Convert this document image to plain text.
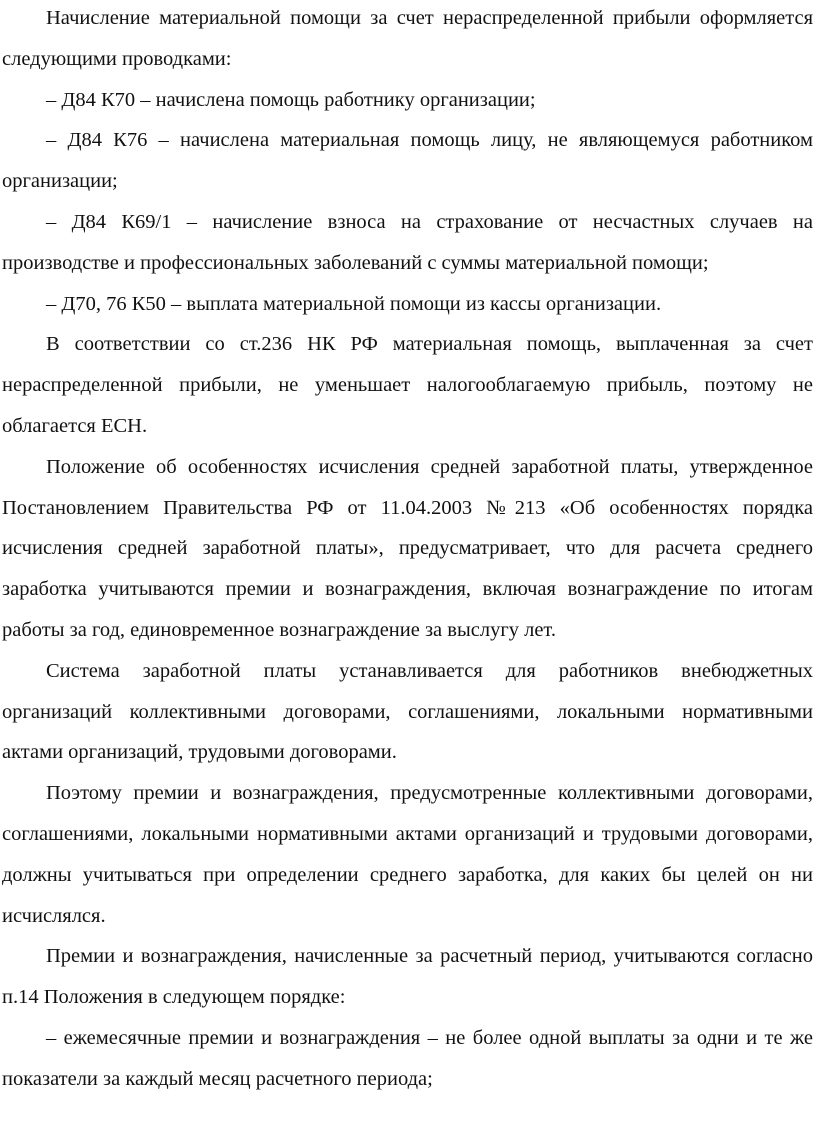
Начисление материальной помощи за счет нераспределенной прибыли оформляется следующими проводками:

– Д84 К70 – начислена помощь работнику организации;

– Д84 К76 – начислена материальная помощь лицу, не являющемуся работником организации;

– Д84 К69/1 – начисление взноса на страхование от несчастных случаев на производстве и профессиональных заболеваний с суммы материальной помощи;

– Д70, 76 К50 – выплата материальной помощи из кассы организации.

В соответствии со ст.236 НК РФ материальная помощь, выплаченная за счет нераспределенной прибыли, не уменьшает налогооблагаемую прибыль, поэтому не облагается ЕСН.

Положение об особенностях исчисления средней заработной платы, утвержденное Постановлением Правительства РФ от 11.04.2003 №213 «Об особенностях порядка исчисления средней заработной платы», предусматривает, что для расчета среднего заработка учитываются премии и вознаграждения, включая вознаграждение по итогам работы за год, единовременное вознаграждение за выслугу лет.

Система заработной платы устанавливается для работников внебюджетных организаций коллективными договорами, соглашениями, локальными нормативными актами организаций, трудовыми договорами.

Поэтому премии и вознаграждения, предусмотренные коллективными договорами, соглашениями, локальными нормативными актами организаций и трудовыми договорами, должны учитываться при определении среднего заработка, для каких бы целей он ни исчислялся.

Премии и вознаграждения, начисленные за расчетный период, учитываются согласно п.14 Положения в следующем порядке:

– ежемесячные премии и вознаграждения – не более одной выплаты за одни и те же показатели за каждый месяц расчетного периода;
